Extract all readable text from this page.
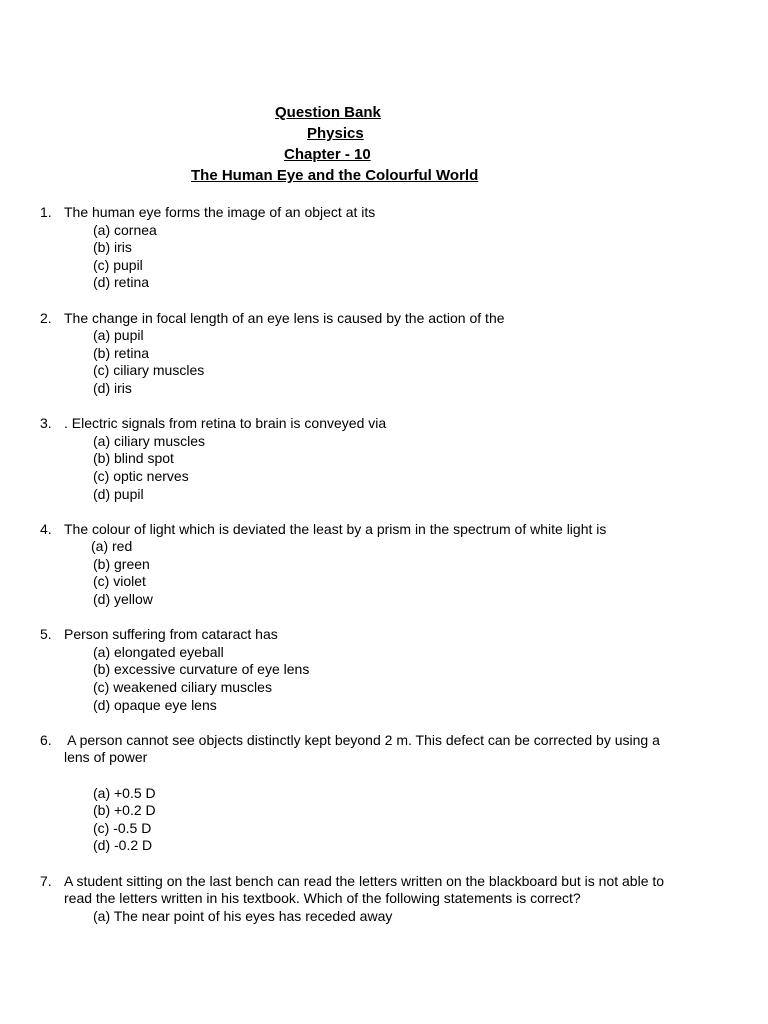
Question Bank
Physics
Chapter - 10
The Human Eye and the Colourful World
1. The human eye forms the image of an object at its
(a) cornea
(b) iris
(c) pupil
(d) retina
2. The change in focal length of an eye lens is caused by the action of the
(a) pupil
(b) retina
(c) ciliary muscles
(d) iris
3. . Electric signals from retina to brain is conveyed via
(a) ciliary muscles
(b) blind spot
(c) optic nerves
(d) pupil
4. The colour of light which is deviated the least by a prism in the spectrum of white light is
(a) red
(b) green
(c) violet
(d) yellow
5. Person suffering from cataract has
(a) elongated eyeball
(b) excessive curvature of eye lens
(c) weakened ciliary muscles
(d) opaque eye lens
6. A person cannot see objects distinctly kept beyond 2 m. This defect can be corrected by using a
lens of power
(a) +0.5 D
(b) +0.2 D
(c) -0.5 D
(d) -0.2 D
7. A student sitting on the last bench can read the letters written on the blackboard but is not able to
read the letters written in his textbook. Which of the following statements is correct?
(a) The near point of his eyes has receded away
